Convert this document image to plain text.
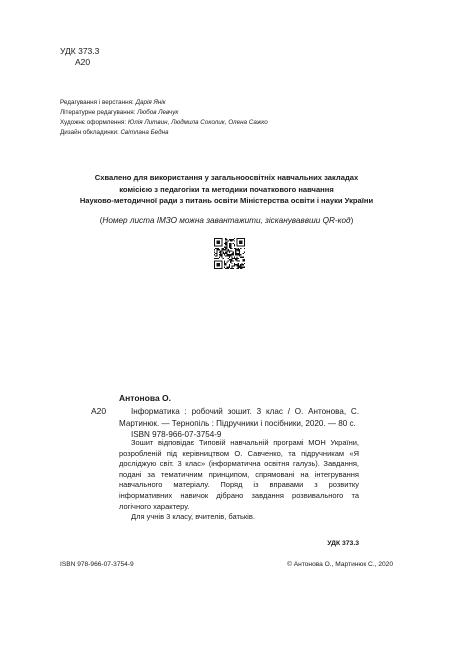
УДК 373.3
А20
Редагування і верстання: Дарія Янік
Літературне редагування: Любов Левчук
Художнє оформлення: Юлія Литвин, Людмила Соколик, Олена Сажко
Дизайн обкладинки: Світлана Бедна
Схвалено для використання у загальноосвітніх навчальних закладах
комісією з педагогіки та методики початкового навчання
Науково-методичної ради з питань освіти Міністерства освіти і науки України
(Номер листа ІМЗО можна завантажити, зіскануваввши QR-код)
Антонова О.
А20	Інформатика : робочий зошит. 3 клас / О. Антонова, С. Мартинюк. — Тернопіль : Підручники і посібники, 2020. — 80 с.

ISBN 978-966-07-3754-9

Зошит відповідає Типовій навчальній програмі МОН України, розробленій під керівництвом О. Савченко, та підручникам «Я досліджую світ. 3 клас» (інформатична освітня галузь). Завдання, подані за тематичним принципом, спрямовані на інтегрування навчального матеріалу. Поряд із вправами з розвитку інформативних навичок дібрано завдання розвивального та логічного характеру.

Для учнів 3 класу, вчителів, батьків.

УДК 373.3
ISBN 978-966-07-3754-9	© Антонова О., Мартинюк С., 2020
